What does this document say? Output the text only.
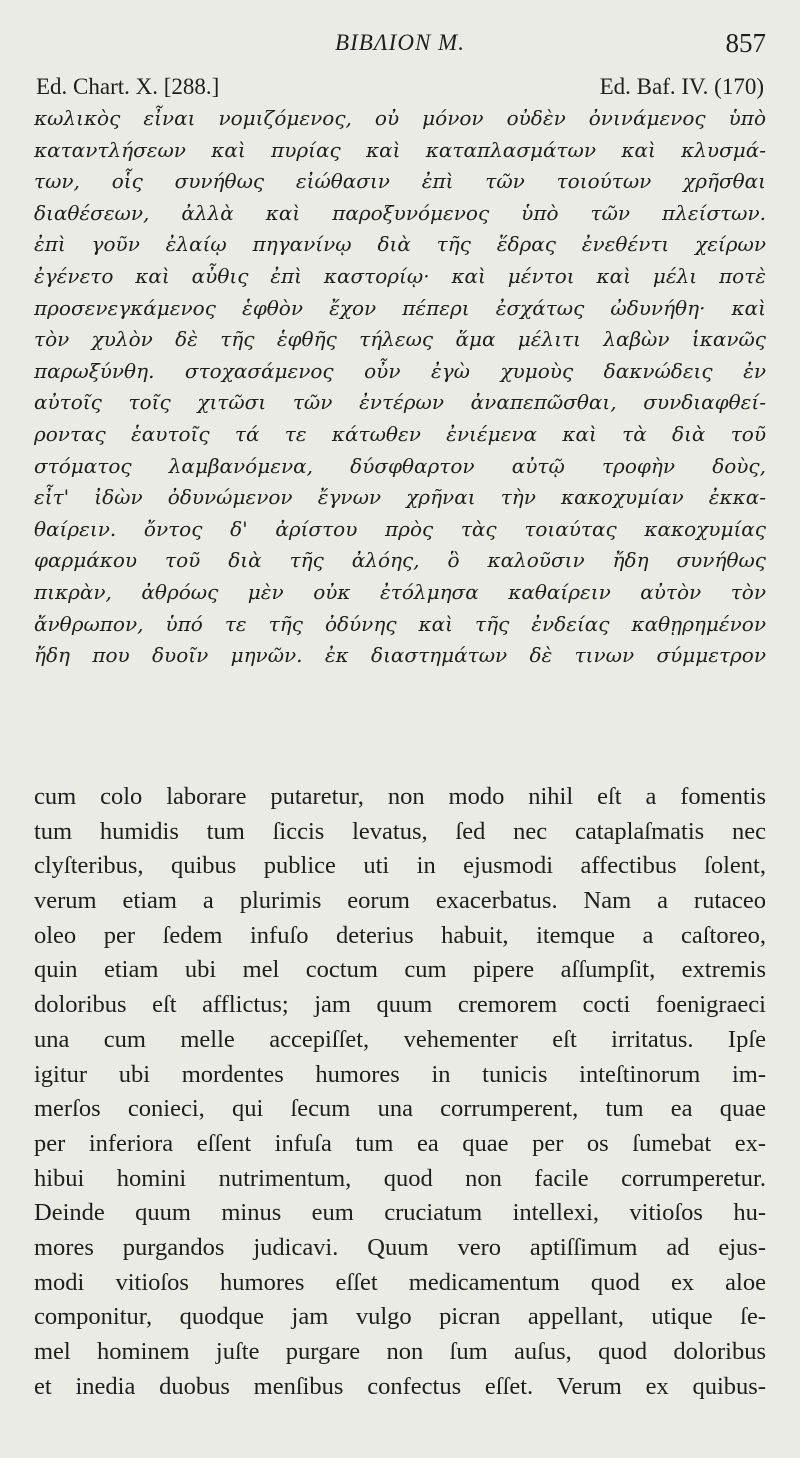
ΒΙΒΛΙΟΝ Μ.	857
Ed. Chart. X. [288.]	Ed. Baf. IV. (170)
κωλικὸς εἶναι νομιζόμενος, οὐ μόνον οὐδὲν ὀνινάμενος ὑπὸ
καταντλήσεων καὶ πυρίας καὶ καταπλασμάτων καὶ κλυσμά-
των, οἷς συνήθως εἰώθασιν ἐπὶ τῶν τοιούτων χρῆσθαι
διαθέσεων, ἀλλὰ καὶ παροξυνόμενος ὑπὸ τῶν πλείστων.
ἐπὶ γοῦν ἐλαίῳ πηγανίνῳ διὰ τῆς ἕδρας ἐνεθέντι χείρων
ἐγένετο καὶ αὖθις ἐπὶ καστορίῳ· καὶ μέντοι καὶ μέλι ποτὲ
προσενεγκάμενος ἑφθὸν ἔχον πέπερι ἐσχάτως ὠδυνήθη· καὶ
τὸν χυλὸν δὲ τῆς ἑφθῆς τήλεως ἅμα μέλιτι λαβὼν ἱκανῶς
παρωξύνθη. στοχασάμενος οὖν ἐγὼ χυμοὺς δακνώδεις ἐν
αὐτοῖς τοῖς χιτῶσι τῶν ἐντέρων ἀναπεπῶσθαι, συνδιαφθεί-
ροντας ἑαυτοῖς τά τε κάτωθεν ἐνιέμενα καὶ τὰ διὰ τοῦ
στόματος λαμβανόμενα, δύσφθαρτον αὐτῷ τροφὴν δοὺς,
εἶτ' ἰδὼν ὀδυνώμενον ἔγνων χρῆναι τὴν κακοχυμίαν ἐκκα-
θαίρειν. ὄντος δ' ἀρίστου πρὸς τὰς τοιαύτας κακοχυμίας
φαρμάκου τοῦ διὰ τῆς ἀλόης, ὃ καλοῦσιν ἤδη συνήθως
πικρὰν, ἀθρόως μὲν οὐκ ἐτόλμησα καθαίρειν αὐτὸν τὸν
ἄνθρωπον, ὑπό τε τῆς ὀδύνης καὶ τῆς ἐνδείας καθῃρημένον
ἤδη που δυοῖν μηνῶν. ἐκ διαστημάτων δὲ τινων σύμμετρον
cum colo laborare putaretur, non modo nihil eſt a fomentis
tum humidis tum ſiccis levatus, ſed nec cataplaſmatis nec
clyſteribus, quibus publice uti in ejusmodi affectibus ſolent,
verum etiam a plurimis eorum exacerbatus. Nam a rutaceo
oleo per ſedem infuſo deterius habuit, itemque a caſtoreo,
quin etiam ubi mel coctum cum pipere aſſumpſit, extremis
doloribus eſt afflictus; jam quum cremorem cocti foenigraeci
una cum melle accepiſſet, vehementer eſt irritatus. Ipſe
igitur ubi mordentes humores in tunicis inteſtinorum im-
merſos conieci, qui ſecum una corrumperent, tum ea quae
per inferiora eſſent infuſa tum ea quae per os ſumebat ex-
hibui homini nutrimentum, quod non facile corrumperetur.
Deinde quum minus eum cruciatum intellexi, vitioſos hu-
mores purgandos judicavi. Quum vero aptiſſimum ad ejus-
modi vitioſos humores eſſet medicamentum quod ex aloe
componitur, quodque jam vulgo picran appellant, utique ſe-
mel hominem juſte purgare non ſum auſus, quod doloribus
et inedia duobus menſibus confectus eſſet. Verum ex quibus-
